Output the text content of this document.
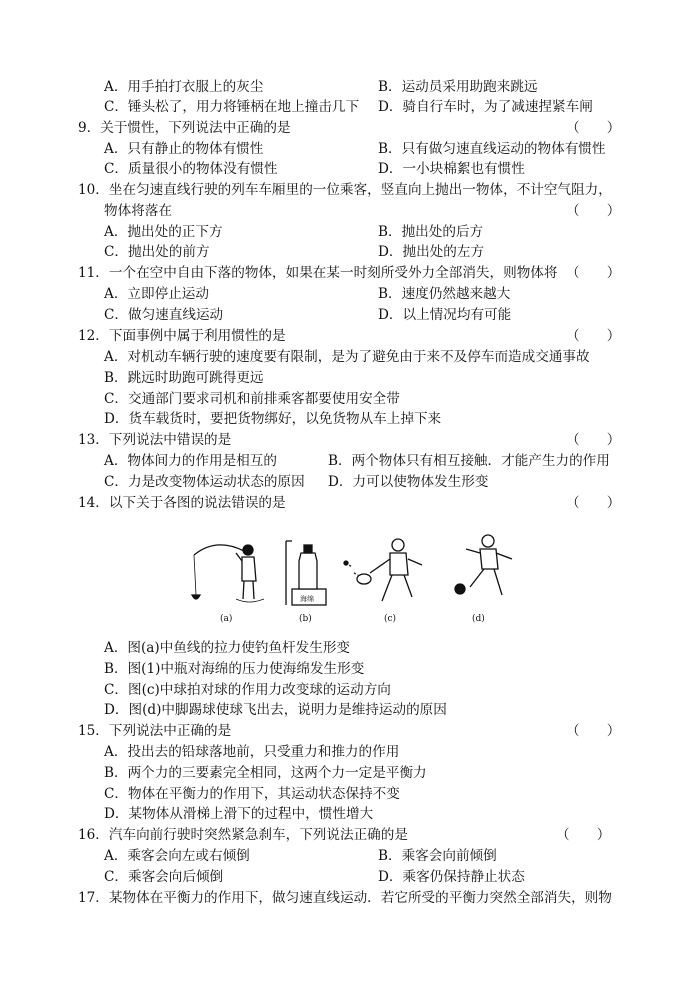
A．用手拍打衣服上的灰尘	B．运动员采用助跑来跳远
C．锤头松了，用力将锤柄在地上撞击几下 D．骑自行车时，为了减速捏紧车闸
9．关于惯性，下列说法中正确的是	（　　）
A．只有静止的物体有惯性	B．只有做匀速直线运动的物体有惯性
C．质量很小的物体没有惯性	D．一小块棉絮也有惯性
10．坐在匀速直线行驶的列车车厢里的一位乘客，竖直向上抛出一物体，不计空气阻力，
物体将落在	（　　）
A．抛出处的正下方	B．抛出处的后方
C．抛出处的前方	D．抛出处的左方
11．一个在空中自由下落的物体，如果在某一时刻所受外力全部消失，则物体将 （　　）
A．立即停止运动	B．速度仍然越来越大
C．做匀速直线运动	D．以上情况均有可能
12．下面事例中属于利用惯性的是	（　　）
A．对机动车辆行驶的速度要有限制，是为了避免由于来不及停车而造成交通事故
B．跳远时助跑可跳得更远
C．交通部门要求司机和前排乘客都要使用安全带
D．货车载货时，要把货物绑好，以免货物从车上掉下来
13．下列说法中错误的是	（　　）
A．物体间力的作用是相互的	B．两个物体只有相互接触．才能产生力的作用
C．力是改变物体运动状态的原因 D．力可以使物体发生形变
14．以下关于各图的说法错误的是	（　　）
海绵
(a)	(b)	(c)	(d)
A．图(a)中鱼线的拉力使钓鱼杆发生形变
B．图(1)中瓶对海绵的压力使海绵发生形变
C．图(c)中球拍对球的作用力改变球的运动方向
D．图(d)中脚踢球使球飞出去，说明力是维持运动的原因
15．下列说法中正确的是	（　　）
A．投出去的铅球落地前，只受重力和推力的作用
B．两个力的三要素完全相同，这两个力一定是平衡力
C．物体在平衡力的作用下，其运动状态保持不变
D．某物体从滑梯上滑下的过程中，惯性增大
16．汽车向前行驶时突然紧急刹车，下列说法正确的是	（　　）
A．乘客会向左或右倾倒	B．乘客会向前倾倒
C．乘客会向后倾倒	D．乘客仍保持静止状态
17．某物体在平衡力的作用下，做匀速直线运动．若它所受的平衡力突然全部消失，则物
